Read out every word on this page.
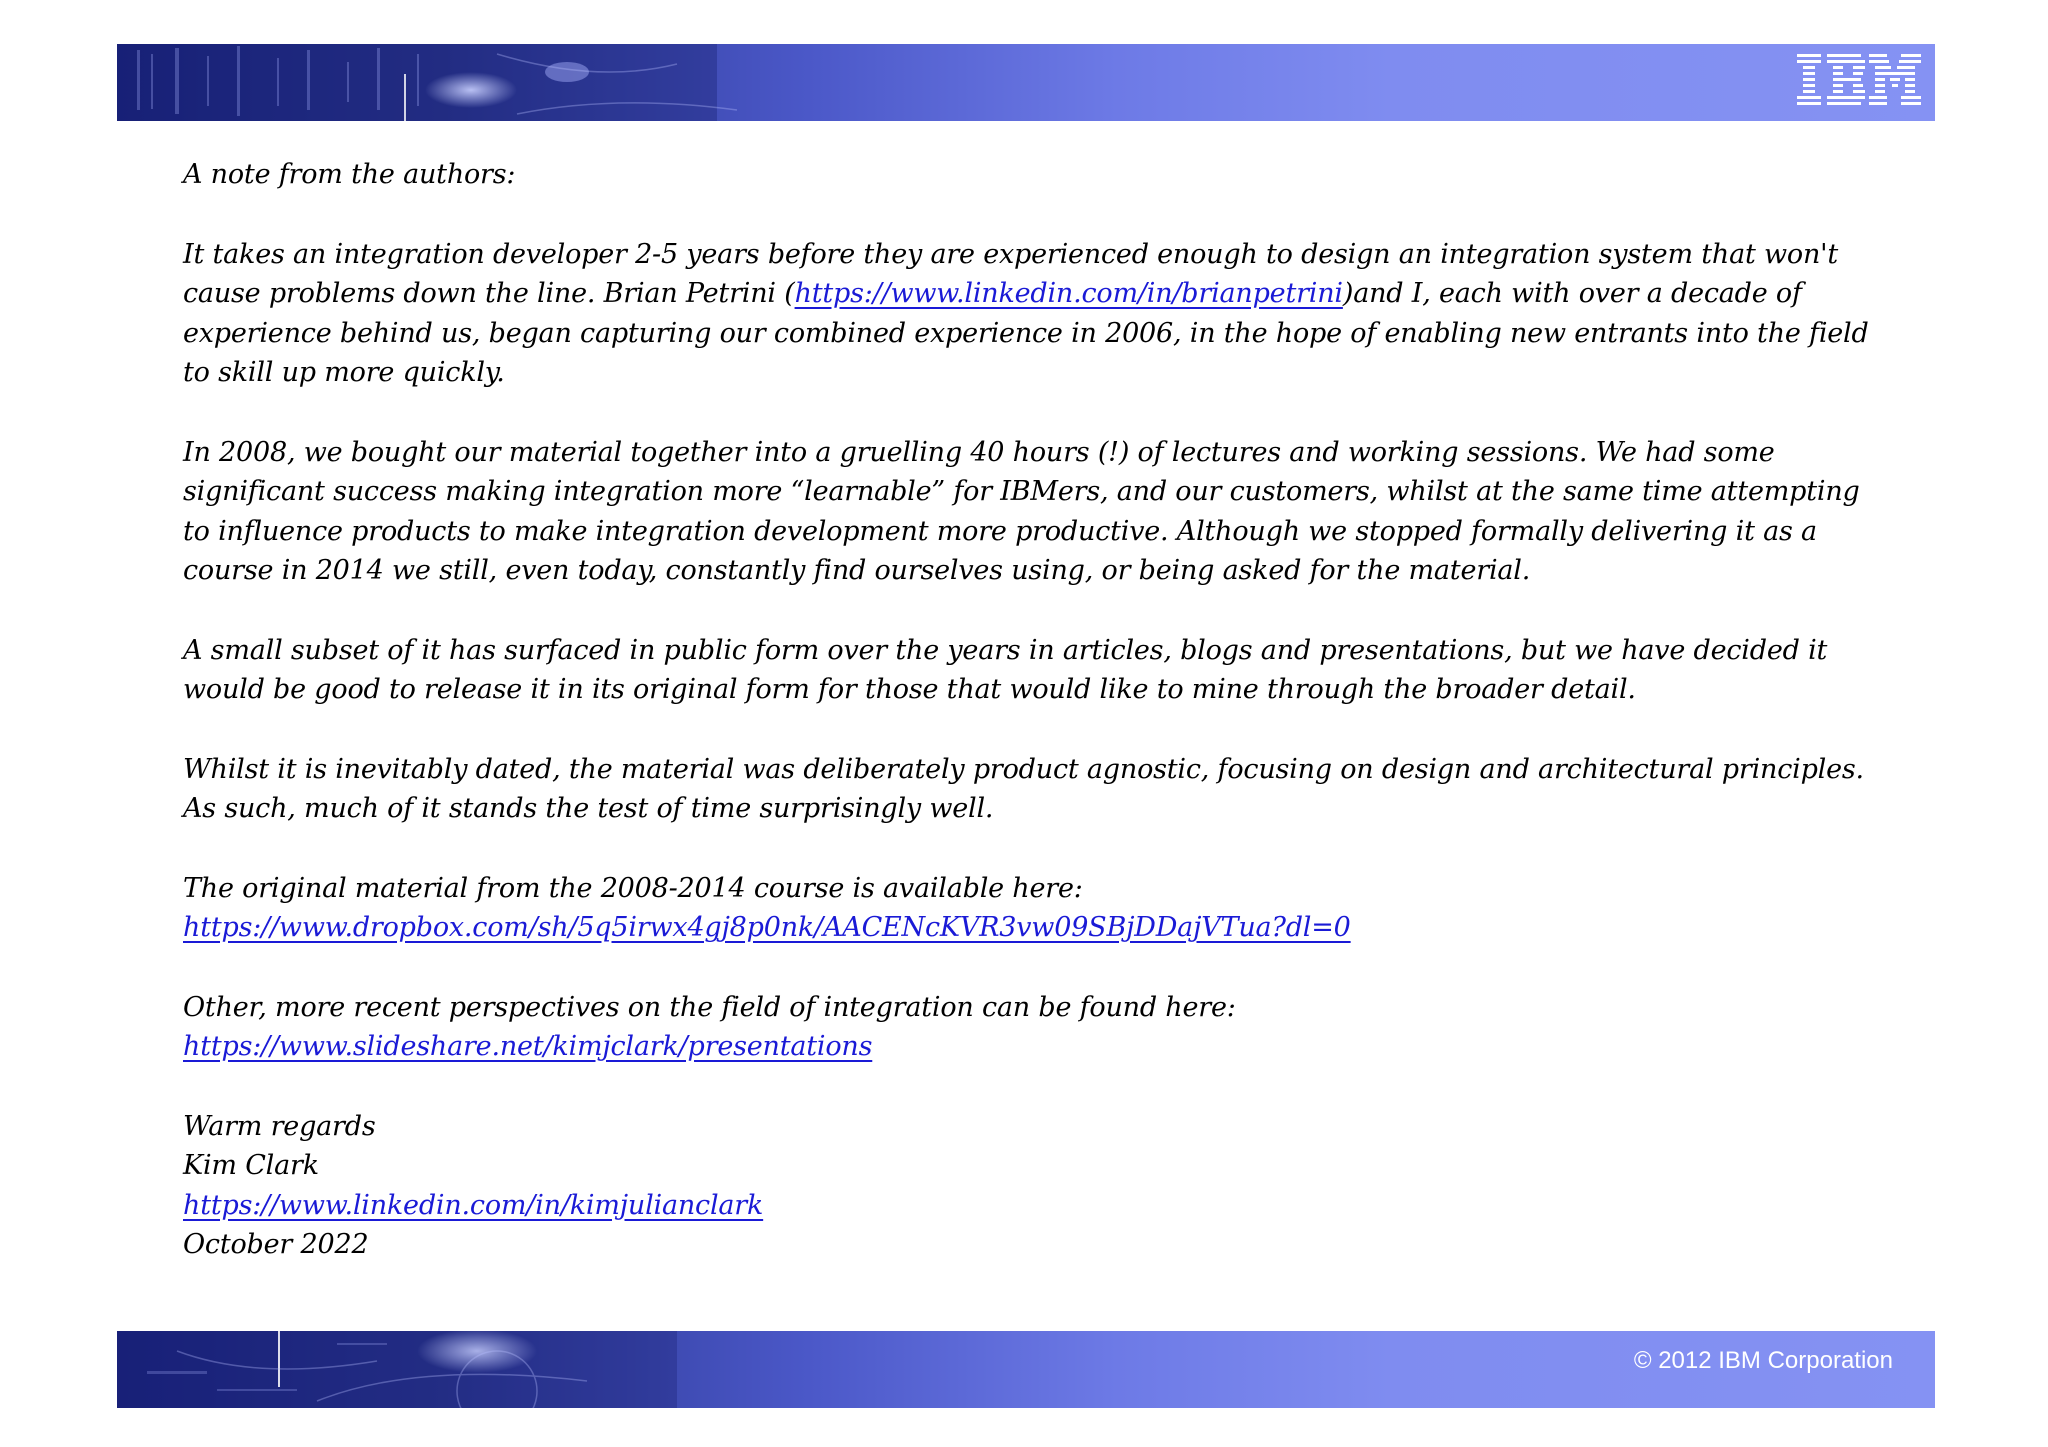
A note from the authors:

It takes an integration developer 2-5 years before they are experienced enough to design an integration system that won't cause problems down the line. Brian Petrini (https://www.linkedin.com/in/brianpetrini)and I, each with over a decade of experience behind us, began capturing our combined experience in 2006, in the hope of enabling new entrants into the field to skill up more quickly.

In 2008, we bought our material together into a gruelling 40 hours (!) of lectures and working sessions. We had some significant success making integration more “learnable” for IBMers, and our customers, whilst at the same time attempting to influence products to make integration development more productive. Although we stopped formally delivering it as a course in 2014 we still, even today, constantly find ourselves using, or being asked for the material.

A small subset of it has surfaced in public form over the years in articles, blogs and presentations, but we have decided it would be good to release it in its original form for those that would like to mine through the broader detail.

Whilst it is inevitably dated, the material was deliberately product agnostic, focusing on design and architectural principles. As such, much of it stands the test of time surprisingly well.

The original material from the 2008-2014 course is available here:
https://www.dropbox.com/sh/5q5irwx4gj8p0nk/AACENcKVR3vw09SBjDDajVTua?dl=0

Other, more recent perspectives on the field of integration can be found here:
https://www.slideshare.net/kimjclark/presentations

Warm regards
Kim Clark
https://www.linkedin.com/in/kimjulianclark
October 2022
© 2012 IBM Corporation
